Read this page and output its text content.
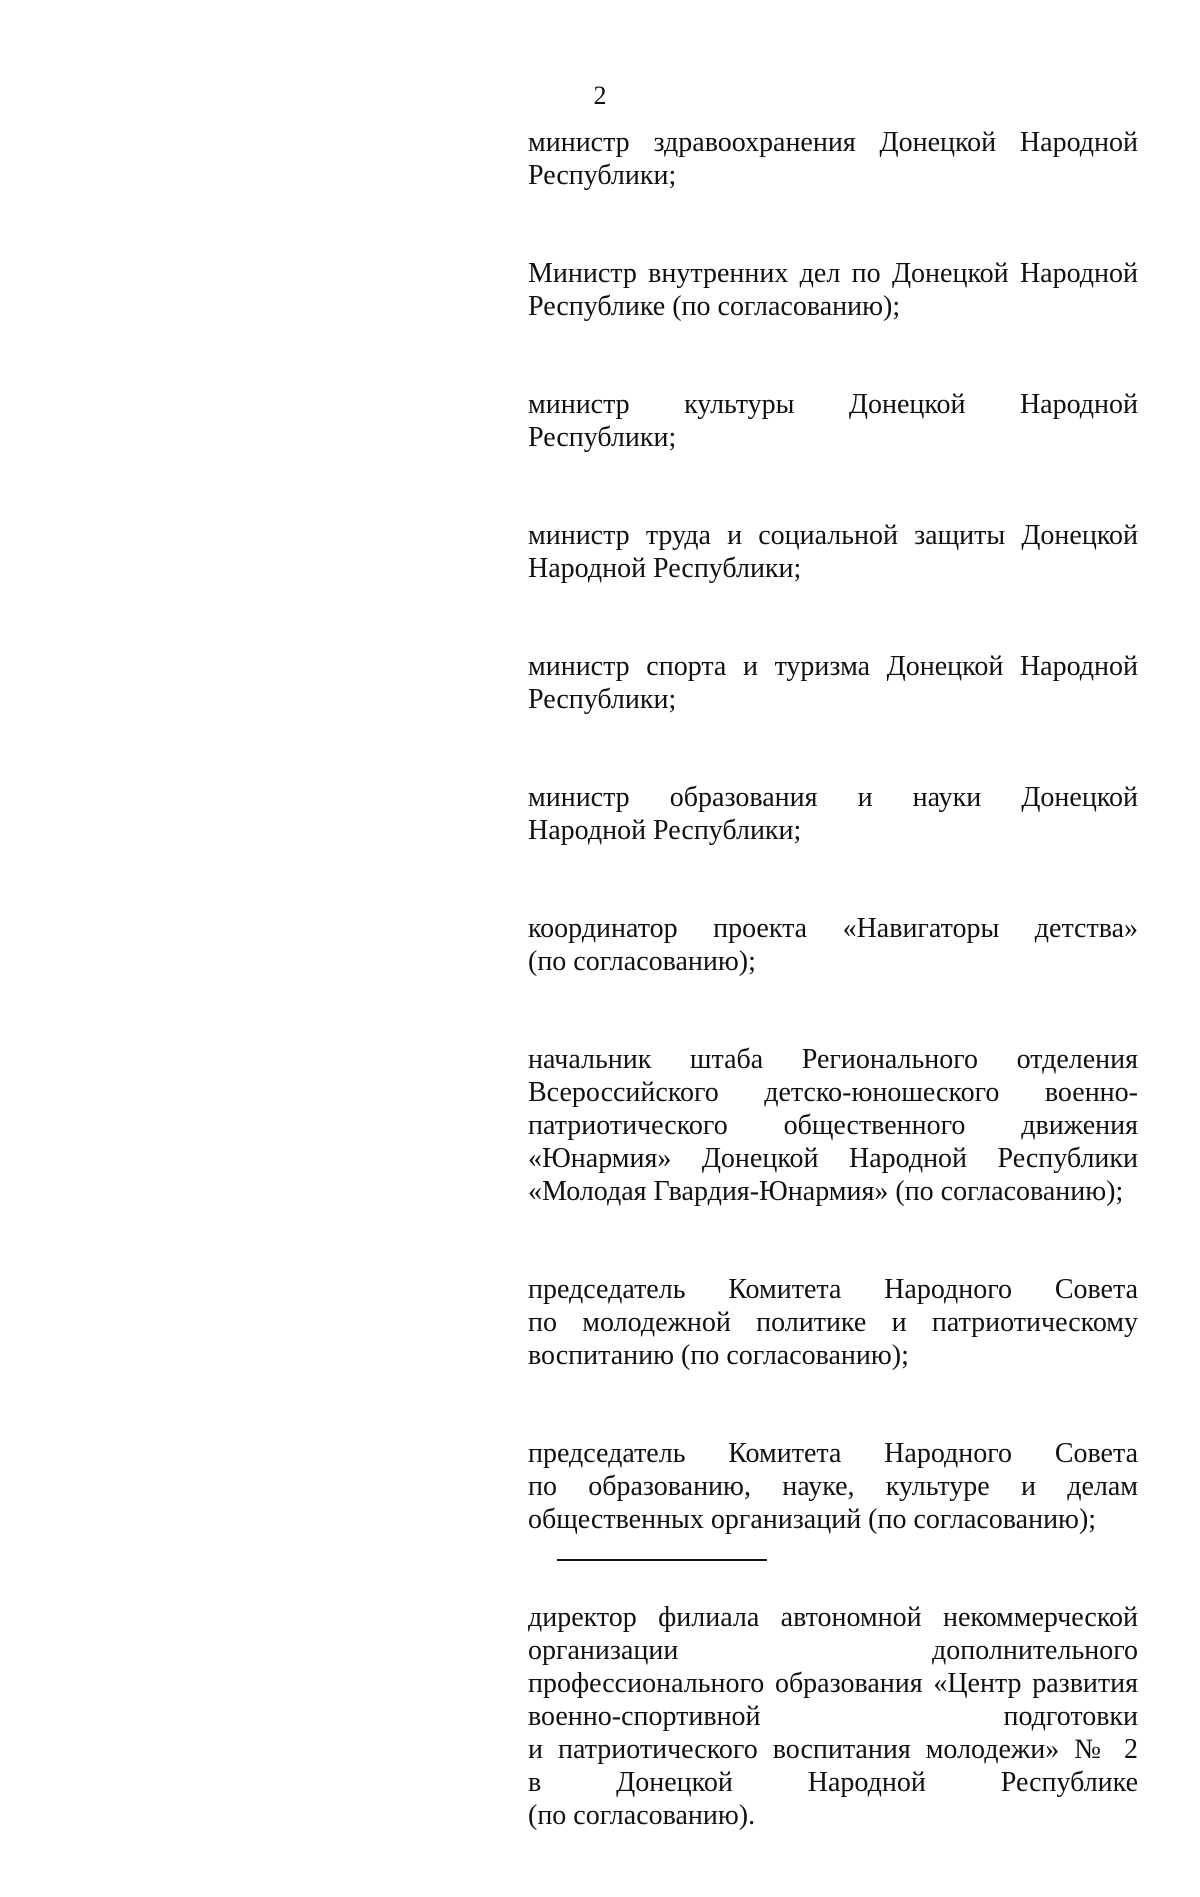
2

министр здравоохранения Донецкой Народной
Республики;

Министр внутренних дел по Донецкой Народной
Республике (по согласованию);

министр культуры Донецкой Народной
Республики;

министр труда и социальной защиты Донецкой
Народной Республики;

министр спорта и туризма Донецкой Народной
Республики;

министр образования и науки Донецкой
Народной Республики;

координатор проекта «Навигаторы детства»
(по согласованию);

начальник штаба Регионального отделения
Всероссийского детско-юношеского военно-
патриотического общественного движения
«Юнармия» Донецкой Народной Республики
«Молодая Гвардия-Юнармия» (по согласованию);

председатель Комитета Народного Совета
по молодежной политике и патриотическому
воспитанию (по согласованию);

председатель Комитета Народного Совета
по образованию, науке, культуре и делам
общественных организаций (по согласованию);

директор филиала автономной некоммерческой
организации дополнительного
профессионального образования «Центр развития
военно-спортивной подготовки
и патриотического воспитания молодежи» № 2
в Донецкой Народной Республике
(по согласованию).
